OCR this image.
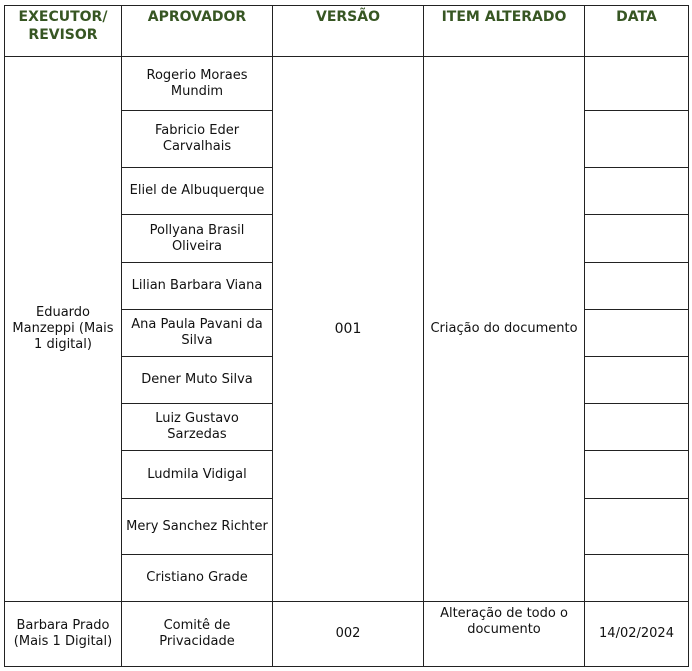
EXECUTOR/ REVISOR	APROVADOR	VERSÃO	ITEM ALTERADO	DATA
Eduardo Manzeppi (Mais 1 digital)	Rogerio Moraes Mundim	001	Criação do documento	
	Fabricio Eder Carvalhais			
	Eliel de Albuquerque			
	Pollyana Brasil Oliveira			
	Lilian Barbara Viana			
	Ana Paula Pavani da Silva			
	Dener Muto Silva			
	Luiz Gustavo Sarzedas			
	Ludmila Vidigal			
	Mery Sanchez Richter			
	Cristiano Grade			
Barbara Prado (Mais 1 Digital)	Comitê de Privacidade	002	Alteração de todo o documento	14/02/2024
